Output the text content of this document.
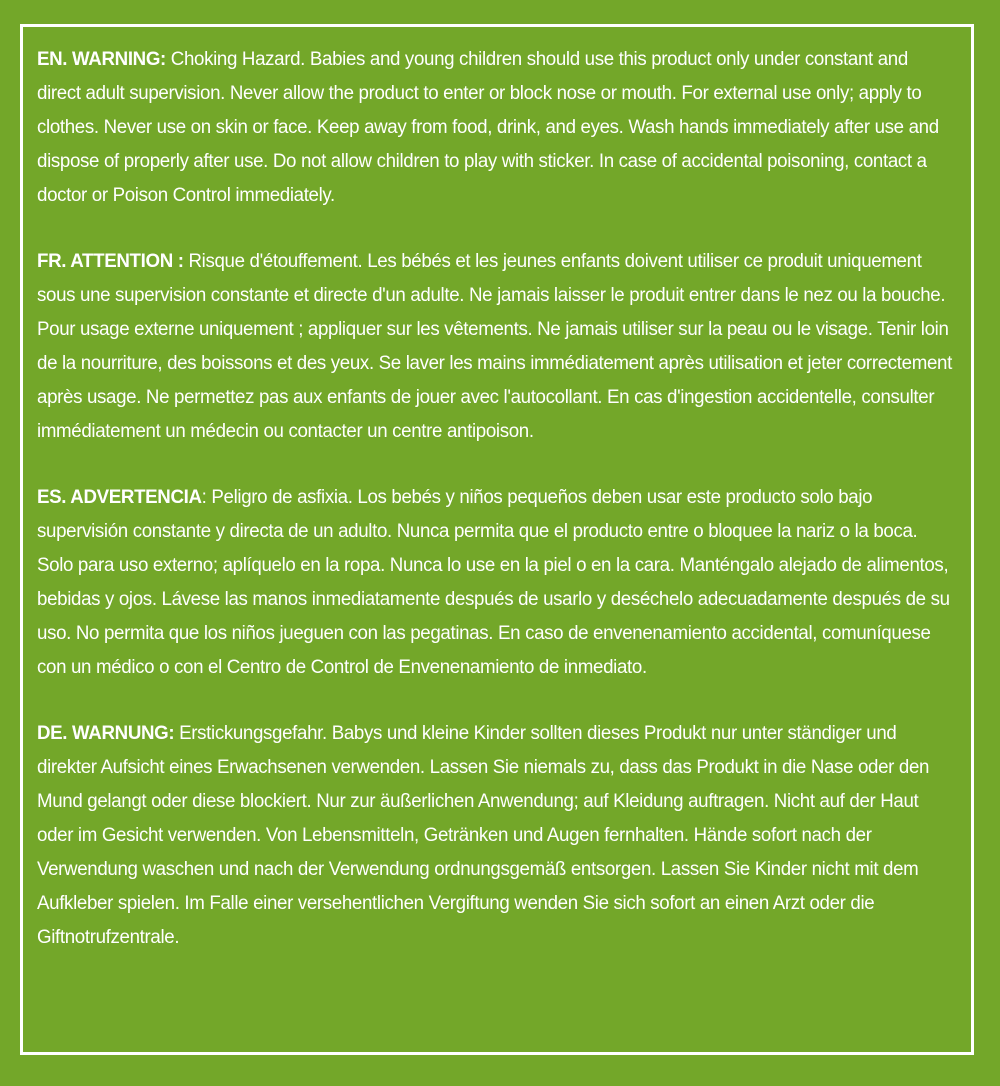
EN. WARNING: Choking Hazard. Babies and young children should use this product only under constant and direct adult supervision. Never allow the product to enter or block nose or mouth. For external use only; apply to clothes. Never use on skin or face. Keep away from food, drink, and eyes. Wash hands immediately after use and dispose of properly after use. Do not allow children to play with sticker. In case of accidental poisoning, contact a doctor or Poison Control immediately.

FR. ATTENTION : Risque d'étouffement. Les bébés et les jeunes enfants doivent utiliser ce produit uniquement sous une supervision constante et directe d'un adulte. Ne jamais laisser le produit entrer dans le nez ou la bouche. Pour usage externe uniquement ; appliquer sur les vêtements. Ne jamais utiliser sur la peau ou le visage. Tenir loin de la nourriture, des boissons et des yeux. Se laver les mains immédiatement après utilisation et jeter correctement après usage. Ne permettez pas aux enfants de jouer avec l'autocollant. En cas d'ingestion accidentelle, consulter immédiatement un médecin ou contacter un centre antipoison.

ES. ADVERTENCIA: Peligro de asfixia. Los bebés y niños pequeños deben usar este producto solo bajo supervisión constante y directa de un adulto. Nunca permita que el producto entre o bloquee la nariz o la boca. Solo para uso externo; aplíquelo en la ropa. Nunca lo use en la piel o en la cara. Manténgalo alejado de alimentos, bebidas y ojos. Lávese las manos inmediatamente después de usarlo y deséchelo adecuadamente después de su uso. No permita que los niños jueguen con las pegatinas. En caso de envenenamiento accidental, comuníquese con un médico o con el Centro de Control de Envenenamiento de inmediato.

DE. WARNUNG: Erstickungsgefahr. Babys und kleine Kinder sollten dieses Produkt nur unter ständiger und direkter Aufsicht eines Erwachsenen verwenden. Lassen Sie niemals zu, dass das Produkt in die Nase oder den Mund gelangt oder diese blockiert. Nur zur äußerlichen Anwendung; auf Kleidung auftragen. Nicht auf der Haut oder im Gesicht verwenden. Von Lebensmitteln, Getränken und Augen fernhalten. Hände sofort nach der Verwendung waschen und nach der Verwendung ordnungsgemäß entsorgen. Lassen Sie Kinder nicht mit dem Aufkleber spielen. Im Falle einer versehentlichen Vergiftung wenden Sie sich sofort an einen Arzt oder die Giftnotrufzentrale.
